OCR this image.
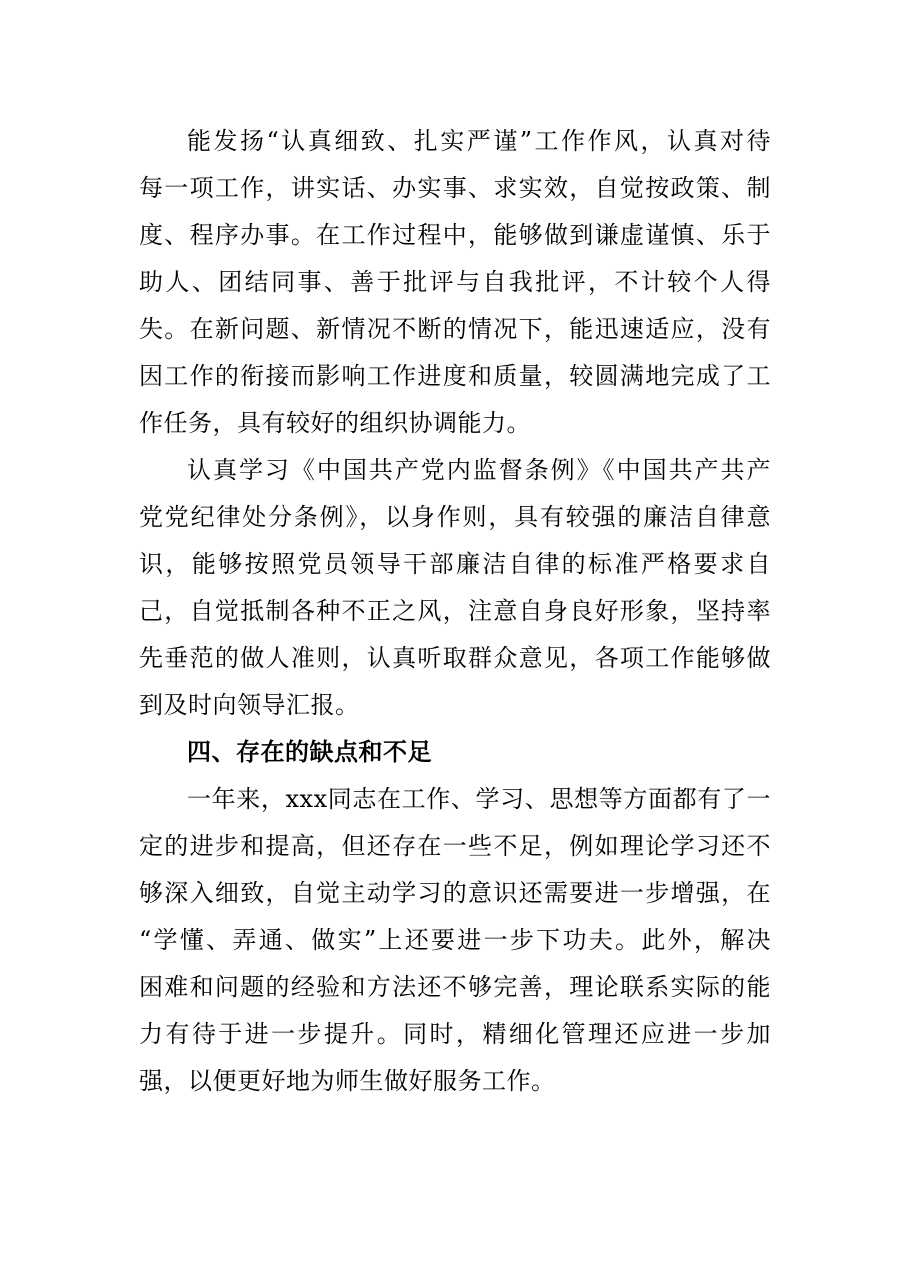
能发扬“认真细致、扎实严谨”工作作风，认真对待
每一项工作，讲实话、办实事、求实效，自觉按政策、制
度、程序办事。在工作过程中，能够做到谦虚谨慎、乐于
助人、团结同事、善于批评与自我批评，不计较个人得
失。在新问题、新情况不断的情况下，能迅速适应，没有
因工作的衔接而影响工作进度和质量，较圆满地完成了工
作任务，具有较好的组织协调能力。
认真学习《中国共产党内监督条例》《中国共产共产
党党纪律处分条例》，以身作则，具有较强的廉洁自律意
识，能够按照党员领导干部廉洁自律的标准严格要求自
己，自觉抵制各种不正之风，注意自身良好形象，坚持率
先垂范的做人准则，认真听取群众意见，各项工作能够做
到及时向领导汇报。
四、存在的缺点和不足
一年来，xxx同志在工作、学习、思想等方面都有了一
定的进步和提高，但还存在一些不足，例如理论学习还不
够深入细致，自觉主动学习的意识还需要进一步增强，在
“学懂、弄通、做实”上还要进一步下功夫。此外，解决
困难和问题的经验和方法还不够完善，理论联系实际的能
力有待于进一步提升。同时，精细化管理还应进一步加
强，以便更好地为师生做好服务工作。
